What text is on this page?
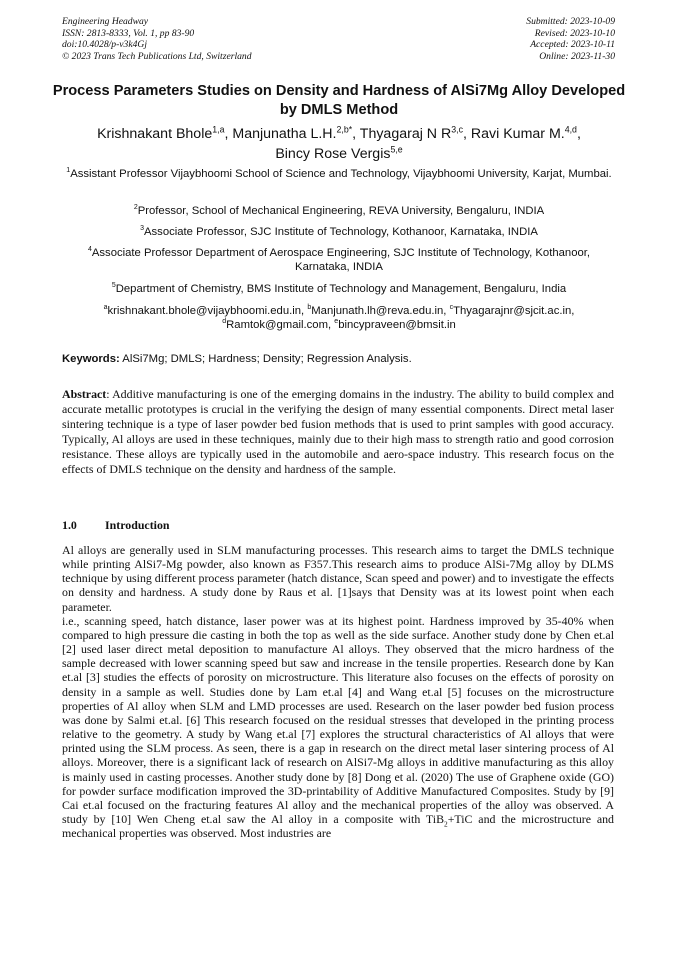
Engineering Headway
ISSN: 2813-8333, Vol. 1, pp 83-90
doi:10.4028/p-v3k4Gj
© 2023 Trans Tech Publications Ltd, Switzerland
Submitted: 2023-10-09
Revised: 2023-10-10
Accepted: 2023-10-11
Online: 2023-11-30
Process Parameters Studies on Density and Hardness of AlSi7Mg Alloy Developed by DMLS Method
Krishnakant Bhole$^{1,a}$, Manjunatha L.H.$^{2,b*}$, Thyagaraj N R$^{3,c}$, Ravi Kumar M.$^{4,d}$,
Bincy Rose Vergis$^{5,e}$
$^1$Assistant Professor Vijaybhoomi School of Science and Technology, Vijaybhoomi University, Karjat, Mumbai.
$^2$Professor, School of Mechanical Engineering, REVA University, Bengaluru, INDIA
$^3$Associate Professor, SJC Institute of Technology, Kothanoor, Karnataka, INDIA
$^4$Associate Professor Department of Aerospace Engineering, SJC Institute of Technology, Kothanoor, Karnataka, INDIA
$^5$Department of Chemistry, BMS Institute of Technology and Management, Bengaluru, India
$^a$krishnakant.bhole@vijaybhoomi.edu.in, $^b$Manjunath.lh@reva.edu.in, $^c$Thyagarajnr@sjcit.ac.in,
$^d$Ramtok@gmail.com, $^e$bincypraveen@bmsit.in
Keywords: AlSi7Mg; DMLS; Hardness; Density; Regression Analysis.
Abstract: Additive manufacturing is one of the emerging domains in the industry. The ability to build complex and accurate metallic prototypes is crucial in the verifying the design of many essential components. Direct metal laser sintering technique is a type of laser powder bed fusion methods that is used to print samples with good accuracy. Typically, Al alloys are used in these techniques, mainly due to their high mass to strength ratio and good corrosion resistance. These alloys are typically used in the automobile and aero-space industry. This research focus on the effects of DMLS technique on the density and hardness of the sample.
1.0 Introduction

Al alloys are generally used in SLM manufacturing processes. This research aims to target the DMLS technique while printing AlSi7-Mg powder, also known as F357.This research aims to produce AlSi-7Mg alloy by DLMS technique by using different process parameter (hatch distance, Scan speed and power) and to investigate the effects on density and hardness. A study done by Raus et al. [1]says that Density was at its lowest point when each parameter.

i.e., scanning speed, hatch distance, laser power was at its highest point. Hardness improved by 35-40% when compared to high pressure die casting in both the top as well as the side surface. Another study done by Chen et.al [2] used laser direct metal deposition to manufacture Al alloys. They observed that the micro hardness of the sample decreased with lower scanning speed but saw and increase in the tensile properties. Research done by Kan et.al [3] studies the effects of porosity on microstructure. This literature also focuses on the effects of porosity on density in a sample as well. Studies done by Lam et.al [4] and Wang et.al [5] focuses on the microstructure properties of Al alloy when SLM and LMD processes are used. Research on the laser powder bed fusion process was done by Salmi et.al. [6] This research focused on the residual stresses that developed in the printing process relative to the geometry. A study by Wang et.al [7] explores the structural characteristics of Al alloys that were printed using the SLM process. As seen, there is a gap in research on the direct metal laser sintering process of Al alloys. Moreover, there is a significant lack of research on AlSi7-Mg alloys in additive manufacturing as this alloy is mainly used in casting processes. Another study done by [8] Dong et al. (2020) The use of Graphene oxide (GO) for powder surface modification improved the 3D-printability of Additive Manufactured Composites. Study by [9] Cai et.al focused on the fracturing features Al alloy and the mechanical properties of the alloy was observed. A study by [10] Wen Cheng et.al saw the Al alloy in a composite with TiB$_2$+TiC and the microstructure and mechanical properties was observed. Most industries are
